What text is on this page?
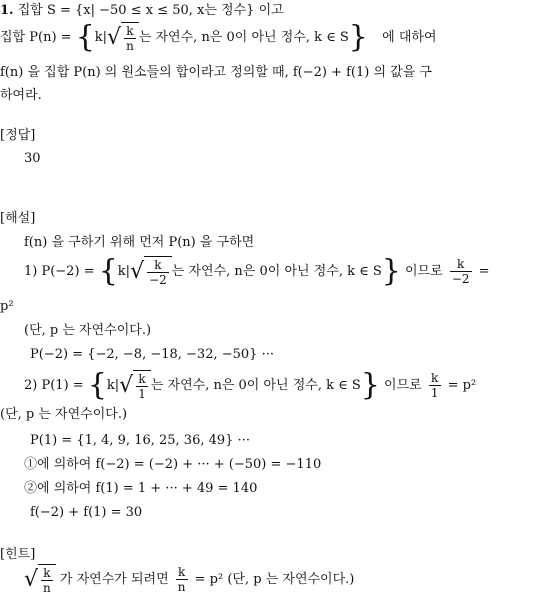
1. 집합 S = {x| −50 ≤ x ≤ 50, x는 정수} 이고
집합 $P(n) = \{k|√ \frac{k}{n}$ 는 자연수, n은 0이 아닌 정수, k ∈ S} 에 대하여
f(n) 을 집합 P(n) 의 원소들의 합이라고 정의할 때, f(−2) + f(1) 의 값을 구
하여라.
[정답]
30
[해설]
f(n) 을 구하기 위해 먼저 P(n) 을 구하면
1) $P(-2) = \{k|√ \frac{k}{-2}$ 는 자연수, n은 0이 아닌 정수, k ∈ S} 이므로 $\frac{k}{-2}$ =
p²
(단, p 는 자연수이다.)
P(−2) = {−2, −8, −18, −32, −50} ···
2) $P(1) = \{k|√ \frac{k}{1}$ 는 자연수, n은 0이 아닌 정수, k ∈ S} 이므로 $\frac{k}{1} = p^2$
(단, p 는 자연수이다.)
P(1) = {1, 4, 9, 16, 25, 36, 49} ···
①에 의하여 f(−2) = (−2) + ··· + (−50) = −110
②에 의하여 f(1) = 1 + ··· + 49 = 140
f(−2) + f(1) = 30
[힌트]
√ $\frac{k}{n}$ 가 자연수가 되려면 $\frac{k}{n} = p^2$ (단, p 는 자연수이다.)
